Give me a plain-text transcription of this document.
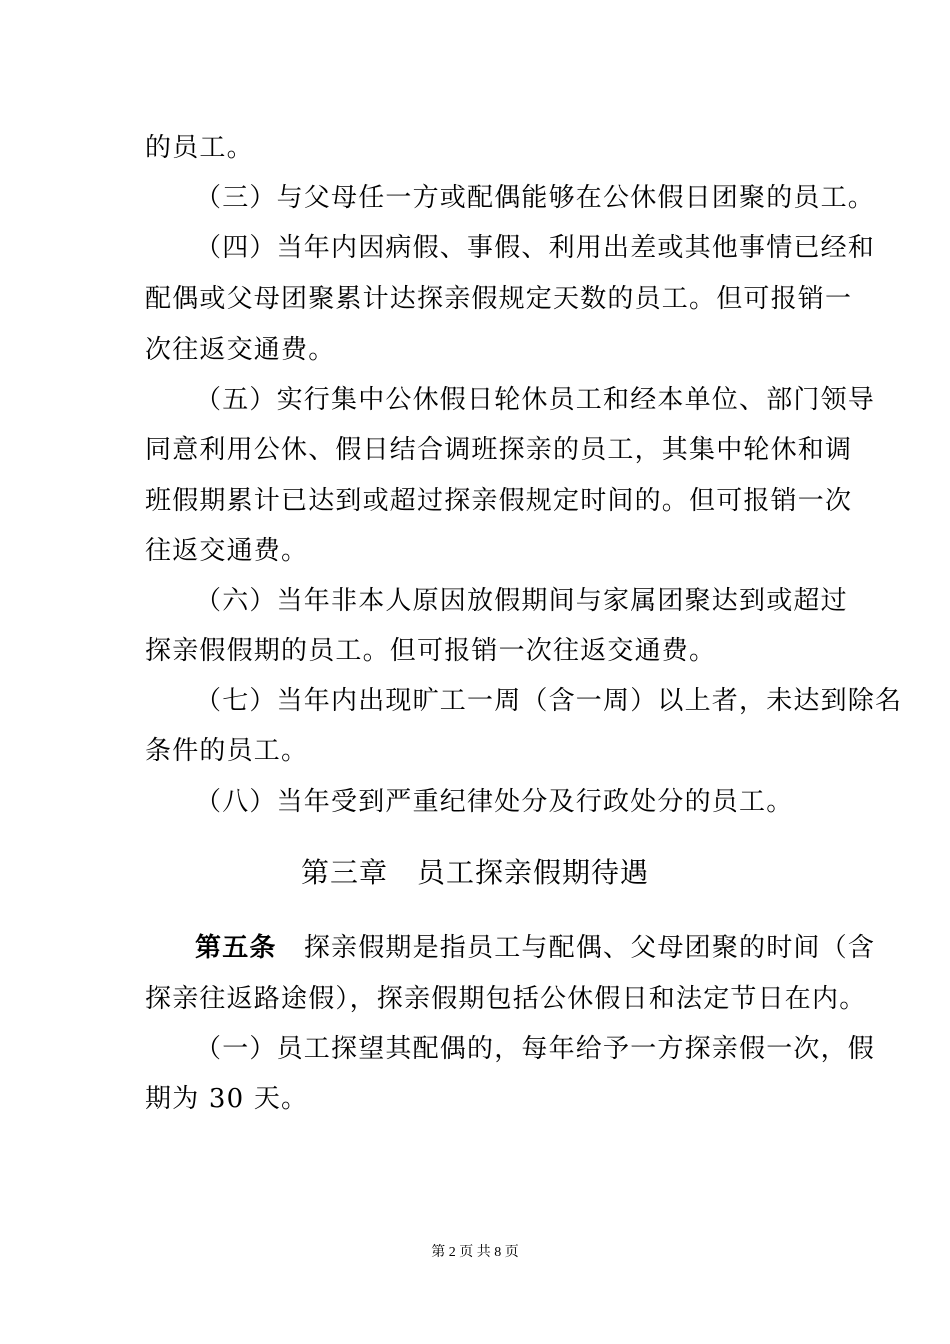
的员工。
（三）与父母任一方或配偶能够在公休假日团聚的员工。
（四）当年内因病假、事假、利用出差或其他事情已经和
配偶或父母团聚累计达探亲假规定天数的员工。但可报销一
次往返交通费。
（五）实行集中公休假日轮休员工和经本单位、部门领导
同意利用公休、假日结合调班探亲的员工，其集中轮休和调
班假期累计已达到或超过探亲假规定时间的。但可报销一次
往返交通费。
（六）当年非本人原因放假期间与家属团聚达到或超过
探亲假假期的员工。但可报销一次往返交通费。
（七）当年内出现旷工一周（含一周）以上者，未达到除名
条件的员工。
（八）当年受到严重纪律处分及行政处分的员工。
第三章　员工探亲假期待遇
第五条　 探亲假期是指员工与配偶、父母团聚的时间（含
探亲往返路途假），探亲假期包括公休假日和法定节日在内。
（一）员工探望其配偶的，每年给予一方探亲假一次，假
期为 30 天。
第 2 页 共 8 页
